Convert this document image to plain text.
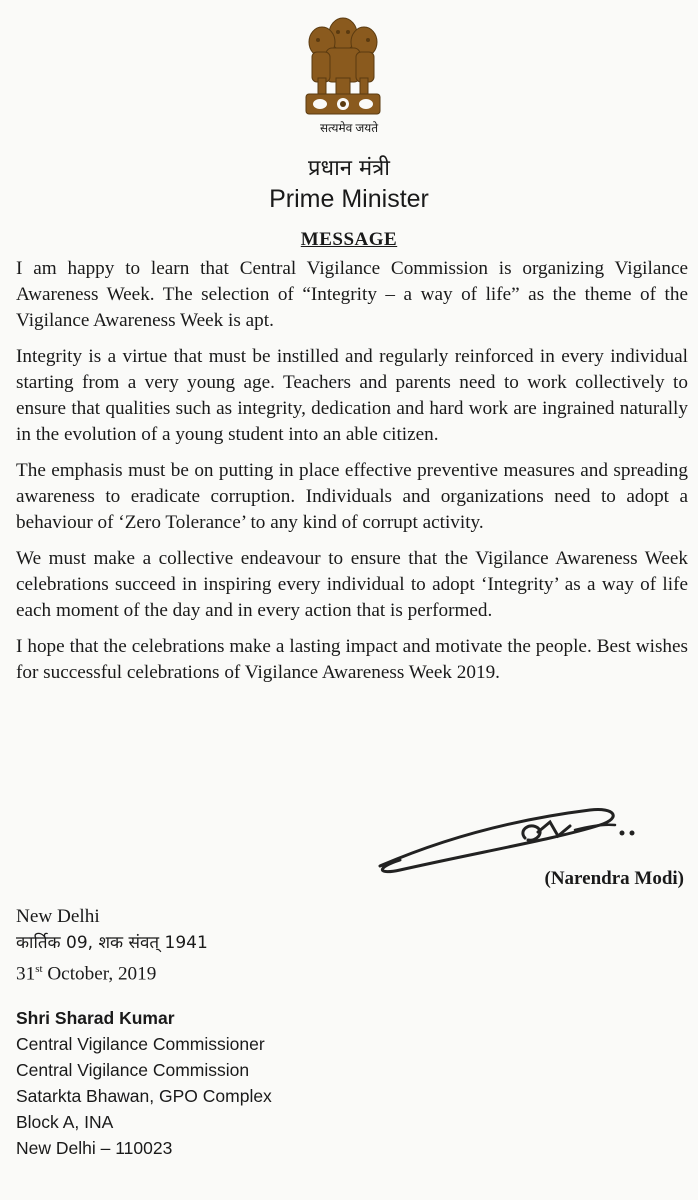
सत्यमेव जयते
प्रधान मंत्री
Prime Minister
MESSAGE

I am happy to learn that Central Vigilance Commission is organizing Vigilance Awareness Week. The selection of “Integrity – a way of life” as the theme of the Vigilance Awareness Week is apt.

Integrity is a virtue that must be instilled and regularly reinforced in every individual starting from a very young age. Teachers and parents need to work collectively to ensure that qualities such as integrity, dedication and hard work are ingrained naturally in the evolution of a young student into an able citizen.

The emphasis must be on putting in place effective preventive measures and spreading awareness to eradicate corruption. Individuals and organizations need to adopt a behaviour of ‘Zero Tolerance’ to any kind of corrupt activity.

We must make a collective endeavour to ensure that the Vigilance Awareness Week celebrations succeed in inspiring every individual to adopt ‘Integrity’ as a way of life each moment of the day and in every action that is performed.

I hope that the celebrations make a lasting impact and motivate the people. Best wishes for successful celebrations of Vigilance Awareness Week 2019.

(Narendra Modi)
New Delhi
कार्तिक 09, शक संवत् 1941
31st October, 2019
Shri Sharad Kumar
Central Vigilance Commissioner
Central Vigilance Commission
Satarkta Bhawan, GPO Complex
Block A, INA
New Delhi – 110023
